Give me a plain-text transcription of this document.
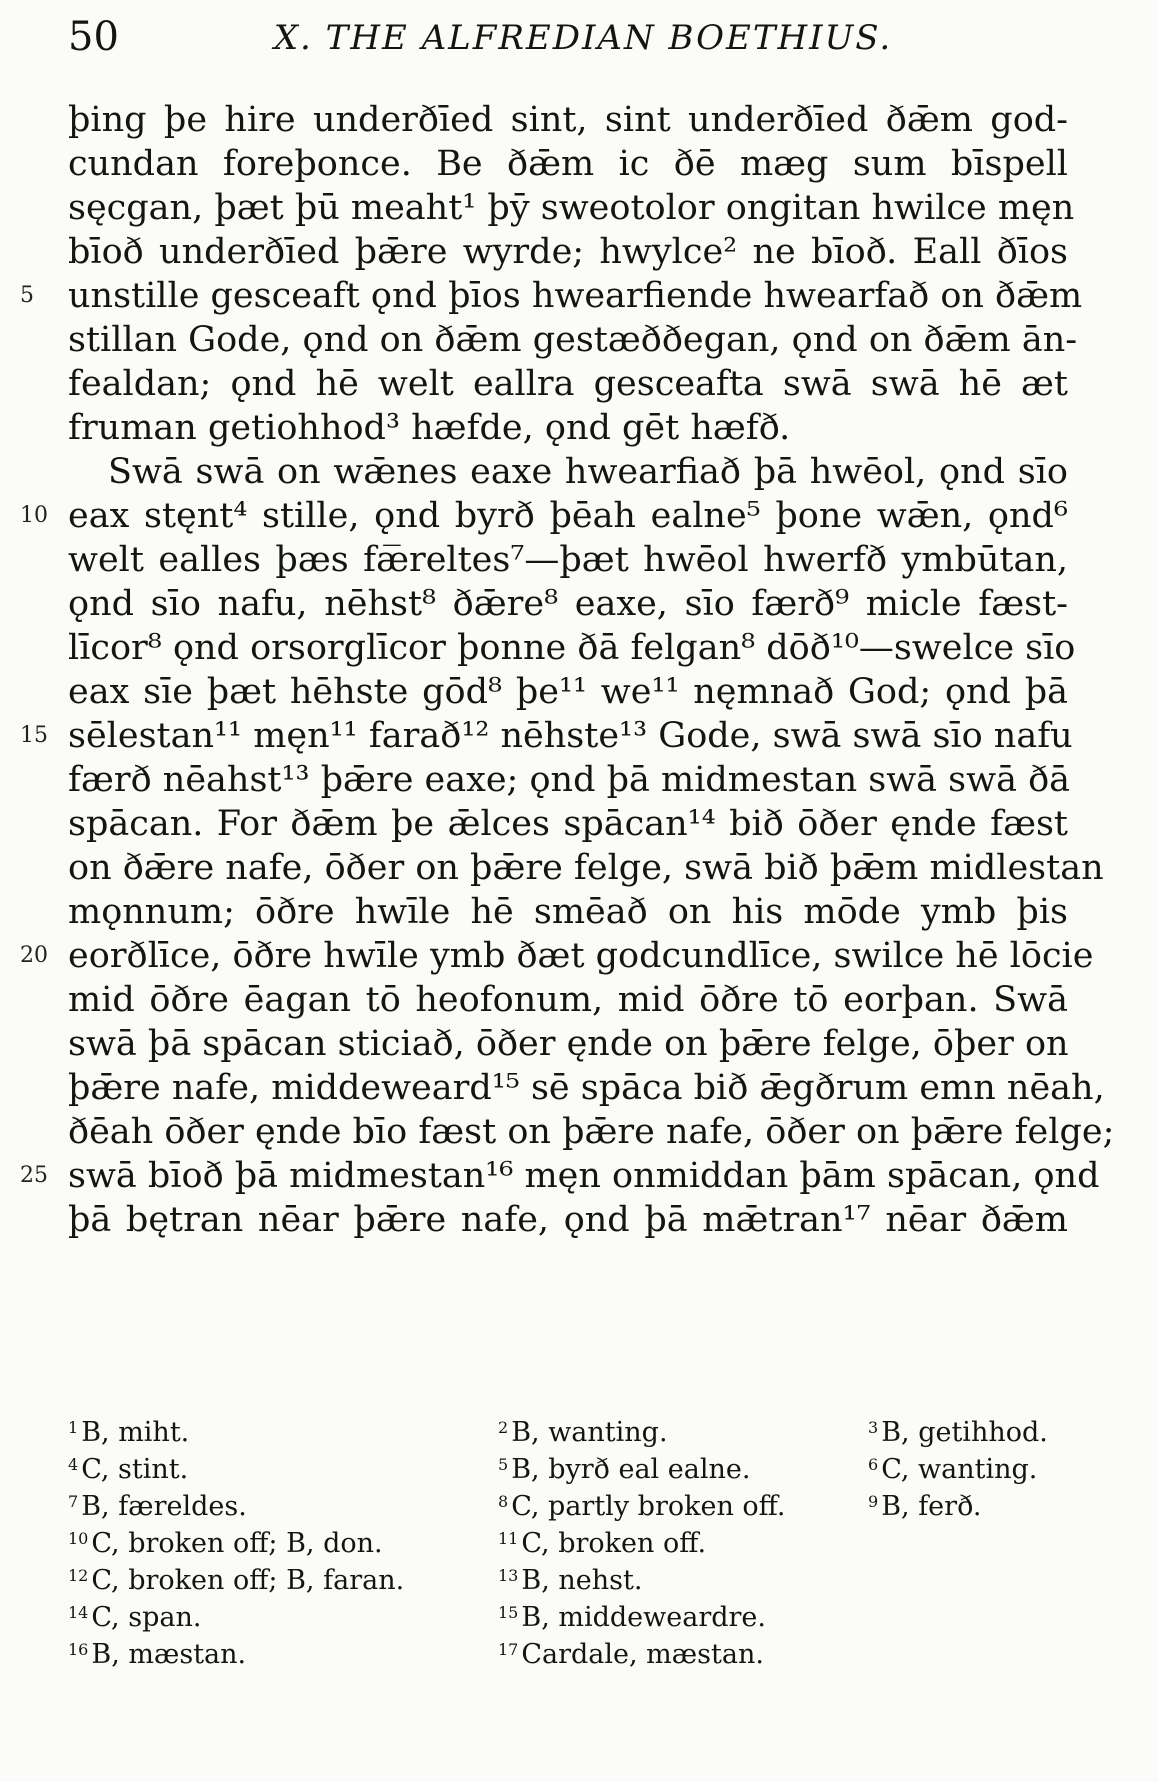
50	X. THE ALFREDIAN BOETHIUS.
þing þe hire underðīed sint, sint underðīed ðǣm god-
cundan foreþonce. Be ðǣm ic ðē mæg sum bīspell
sęcgan, þæt þū meaht¹ þȳ sweotolor ongitan hwilce męn
bīoð underðīed þǣre wyrde; hwylce² ne bīoð. Eall ðīos
5 unstille gesceaft ǫnd þīos hwearfiende hwearfað on ðǣm
stillan Gode, ǫnd on ðǣm gestæððegan, ǫnd on ðǣm ān-
fealdan; ǫnd hē welt eallra gesceafta swā swā hē æt
fruman getiohhod³ hæfde, ǫnd gēt hæfð.
Swā swā on wǣnes eaxe hwearfiað þā hwēol, ǫnd sīo
10 eax stęnt⁴ stille, ǫnd byrð þēah ealne⁵ þone wǣn, ǫnd⁶
welt ealles þæs fæ̅reltes⁷—þæt hwēol hwerfð ymbūtan,
ǫnd sīo nafu, nēhst⁸ ðǣre⁸ eaxe, sīo færð⁹ micle fæst-
līcor⁸ ǫnd orsorglīcor þonne ðā felgan⁸ dōð¹⁰—swelce sīo
eax sīe þæt hēhste gōd⁸ þe¹¹ we¹¹ nęmnað God; ǫnd þā
15 sēlestan¹¹ męn¹¹ farað¹² nēhste¹³ Gode, swā swā sīo nafu
færð nēahst¹³ þǣre eaxe; ǫnd þā midmestan swā swā ðā
spācan. For ðǣm þe ǣlces spācan¹⁴ bið ōðer ęnde fæst
on ðǣre nafe, ōðer on þǣre felge, swā bið þǣm midlestan
mǫnnum; ōðre hwīle hē smēað on his mōde ymb þis
20 eorðlīce, ōðre hwīle ymb ðæt godcundlīce, swilce hē lōcie
mid ōðre ēagan tō heofonum, mid ōðre tō eorþan. Swā
swā þā spācan sticiað, ōðer ęnde on þǣre felge, ōþer on
þǣre nafe, middeweard¹⁵ sē spāca bið ǣgðrum emn nēah,
ðēah ōðer ęnde bīo fæst on þǣre nafe, ōðer on þǣre felge;
25 swā bīoð þā midmestan¹⁶ męn onmiddan þām spācan, ǫnd
þā bętran nēar þǣre nafe, ǫnd þā mǣtran¹⁷ nēar ðǣm
$^1$ B, miht.	$^2$ B, wanting.	$^3$ B, getihhod.
$^4$ C, stint.	$^5$ B, byrð eal ealne.	$^6$ C, wanting.
$^7$ B, færeldes.	$^8$ C, partly broken off.	$^9$ B, ferð.
$^{10}$ C, broken off; B, don.	$^{11}$ C, broken off.
$^{12}$ C, broken off; B, faran.	$^{13}$ B, nehst.
$^{14}$ C, span.	$^{15}$ B, middeweardre.
$^{16}$ B, mæstan.	$^{17}$ Cardale, mæstan.
